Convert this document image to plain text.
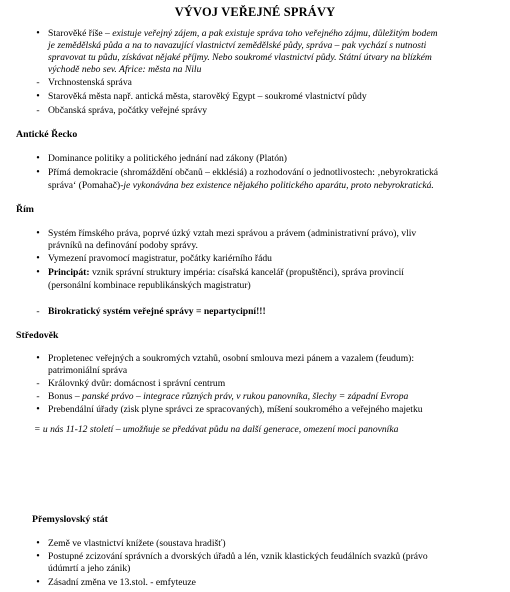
VÝVOJ VEŘEJNÉ SPRÁVY
•
Starověké říše – existuje veřejný zájem, a pak existuje správa toho veřejného zájmu, důležitým bodem
je zemědělská půda a na to navazující vlastnictví zemědělské půdy, správa – pak vychází s nutnosti
spravovat tu půdu, získávat nějaké příjmy. Nebo soukromé vlastnictví půdy. Státní útvary na blízkém
východě nebo sev. Africe: města na Nilu
-
Vrchnostenská správa
•
Starověká města např. antická města, starověký Egypt – soukromé vlastnictví půdy
-
Občanská správa, počátky veřejné správy
Antické Řecko
•
Dominance politiky a politického jednání nad zákony (Platón)
•
Přímá demokracie (shromáždění občanů – ekklésiá) a rozhodování o jednotlivostech: ‚nebyrokratická
správa‘ (Pomahač)-je vykonávána bez existence nějakého politického aparátu, proto nebyrokratická.
Řím
•
Systém římského práva, poprvé úzký vztah mezi správou a právem (administrativní právo), vliv
právníků na definování podoby správy.
•
Vymezení pravomocí magistratur, počátky kariérního řádu
•
Principát: vznik správní struktury impéria: císařská kancelář (propuštěnci), správa provincií
(personální kombinace republikánských magistratur)
-
Birokratický systém veřejné správy = nepartycipní!!!
Středověk
•
Propletenec veřejných a soukromých vztahů, osobní smlouva mezi pánem a vazalem (feudum):
patrimoniální správa
-
Královnký dvůr: domácnost i správní centrum
-
Bonus – panské právo – integrace různých práv, v rukou panovníka, šlechy = západní Evropa
•
Prebendální úřady (zisk plyne správci ze spracovaných), míšení soukromého a veřejného majetku
= u nás 11-12 století – umožňuje se předávat půdu na další generace, omezení moci panovníka
Přemyslovský stát
•
Země ve vlastnictví knížete (soustava hradišť)
•
Postupné zcizování správních a dvorských úřadů a lén, vznik klastických feudálních svazků (právo
údúmrtí a jeho zánik)
•
Zásadní změna ve 13.stol. - emfyteuze
